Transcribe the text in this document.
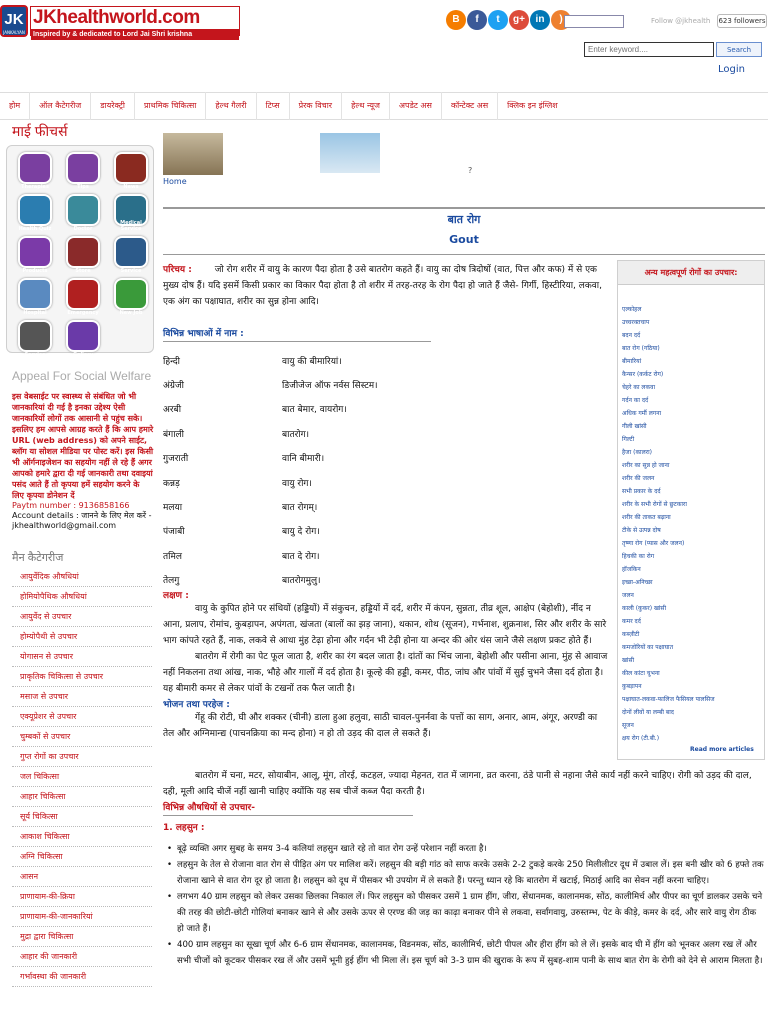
JK
JANKALYAN
JKhealthworld.com
Inspired by & dedicated to Lord Jai Shri krishna
B	f	t	g+	in	)	Follow @jkhealth 623 followers
Enter keyword....
Search
Login
होम	ऑल कैटेगरीज	डायरेक्ट्री	प्राथमिक चिकित्सा	हेल्थ गैलरी	टिप्स	प्रेरक विचार	हेल्थ न्यूज	अपडेट अस	कॉन्टेक्ट अस	क्लिक इन इंग्लिश
माई फीचर्स
Therapies	Tips	News
Health Quiz	Doctor
Medical Service
Products	Store	Service
Hospital	Emergency	New Job
Service	Gallery
Appeal For Social Welfare
इस वेबसाईट पर स्वास्थ्य से संबंधित जो भी जानकारियां दी गई है इनका उद्देश्य ऐसी जानकारियों लोगों तक आसानी से पहुंच सके। इसलिए हम आपसे आग्रह करते हैं कि आप हमारे URL (web address) को अपने साईट, ब्लॉग या सोशल मीडिया पर पोस्ट करें। इस किसी भी ऑर्गनाइजेशन का सहयोग नहीं ले रहे हैं अगर आपको हमारे द्वारा दी गई जानकारी तथा दवाइयां पसंद आते हैं तो कृपया हमें सहयोग करने के लिए कृपया डोनेशन दें
Paytm number : 9136858166
Account details : जानने के लिए मेल करें - jkhealthworld@gmail.com
मैन कैटेगरीज
आयुर्वेदिक औषधियां
होमियोपैथिक औषधियां
आयुर्वेद से उपचार
होम्योपैथी से उपचार
योगासन से उपचार
प्राकृतिक चिकित्सा से उपचार
मसाज से उपचार
एक्यूप्रेशर से उपचार
चुम्बकों से उपचार
गुप्त रोगों का उपचार
जल चिकित्सा
आहार चिकित्सा
सूर्य चिकित्सा
आकाश चिकित्सा
अग्नि चिकित्सा
आसन
प्राणायाम-की-क्रिया
प्राणायाम-की-जानकारियां
मुद्रा द्वारा चिकित्सा
आहार की जानकारी
गर्भावस्था की जानकारी
?
Home
बात रोग
Gout
परिचय :	जो रोग शरीर में वायु के कारण पैदा होता है उसे बातरोग कहते हैं। वायु का दोष त्रिदोषों (वात, पित्त और कफ) में से एक मुख्य दोष हैं। यदि इसमें किसी प्रकार का विकार पैदा होता है तो शरीर में तरह-तरह के रोग पैदा हो जाते हैं जैसे- गिर्गी, हिस्टीरिया, लकवा, एक अंग का पक्षाघात, शरीर का सुन्न होना आदि।
विभिन्न भाषाओं में नाम :
हिन्दी	वायु की बीमारियां।
अंग्रेजी	डिजीजेज ऑफ नर्वस सिस्टम।
अरबी	बात बेमार, वायरोग।
बंगाली	बातरोग।
गुजराती	वानि बीमारी।
कन्नड़	वायु रोग।
मलया	बात रोगम्।
पंजाबी	बायु दे रोग।
तमिल	बात दे रोग।
तेलगु	बातरोगमुलु।
अन्य महत्वपूर्ण रोगों का उपचार:
एल्कोहल
उच्चरक्तचाप
बदन दर्द
बात रोग (गठिया)
बीमारियां
कैन्सर (कर्कट रोग)
चेहरे का लकवा
गर्दन का दर्द
अधिक गर्मी लगना
गीली खांसी
गिल्टी
हैजा (कालरा)
शरीर का सुन्न हो जाना
शरीर की जलन
सभी प्रकार के दर्द
शरीर के सभी रोगों से छुटकारा
शरीर की ताकत बढ़ाना
टीके से उत्पन्न दोष
तृष्णा रोग (प्यास और जलन)
हिचकी का रोग
हॉजकिन
इच्छा-अनिच्छा
जलन
काली (कुकर) खांसी
कमर दर्द
कब्ज़ीटी
कमजोरियों का पक्षाघात
खांसी
कील कांटा चुभना
कुबड़ापन
पक्षाघात-लकवा-फालिज फैसियल पालसिज
दोनों लीवों या लम्बी बाद
सूजन
क्षय रोग (टी.बी.)
Read more articles
लक्षण :
वायु के कुपित होने पर संधियों (हड्डियों) में संकुचन, हड्डियों में दर्द, शरीर में कंपन, सुन्नता, तीव्र शूल, आक्षेप (बेहोशी), नींद न आना, प्रलाप, रोमांच, कुबड़ापन, अपंगता, खंजता (बालों का झड़ जाना), थकान, शोथ (सूजन), गर्भनाश, शुक्रनाश, सिर और शरीर के सारे भाग कांपते रहते हैं, नाक, लकवे से आधा मुंह टेढ़ा होना और गर्दन भी टेढ़ी होना या अन्दर की ओर धंस जाने जैसे लक्षण प्रकट होते हैं।
बातरोग में रोगी का पेट फूल जाता है, शरीर का रंग बदल जाता है। दांतों का भिंच जाना, बेहोशी और पसीना आना, मुंह से आवाज नहीं निकलना तथा आंख, नाक, भौहे और गालों में दर्द होता है। कूल्हे की हड्डी, कमर, पीठ, जांघ और पांवों में सुई चुभने जैसा दर्द होता है। यह बीमारी कमर से लेकर पांवों के टखनों तक फैल जाती है।
भोजन तथा परहेज :
गेंहू की रोटी, घी और शक्कर (चीनी) डाला हुआ हलुवा, साठी चावल-पुनर्नवा के पत्तों का साग, अनार, आम, अंगूर, अरण्डी का तेल और अग्निमान्द्य (पाचनक्रिया का मन्द होना) न हो तो उड़द की दाल ले सकते हैं।
बातरोग में चना, मटर, सोयाबीन, आलू, मूंग, तोरई, कटहल, ज्यादा मेहनत, रात में जागना, व्रत करना, ठंडे पानी से नहाना जैसे कार्य नहीं करने चाहिए। रोगी को उड़द की दाल, दही, मूली आदि चीजें नहीं खानी चाहिए क्योंकि यह सब चीजें कब्ज पैदा करती है।
विभिन्न औषधियों से उपचार-
1. लहसुन :
• बूढ़े व्यक्ति अगर सुबह के समय 3-4 कलियां लहसुन खाते रहे तो वात रोग उन्हें परेशान नहीं करता है।
• लहसुन के तेल से रोजाना वात रोग से पीड़ित अंग पर मालिश करें। लहसुन की बड़ी गांठ को साफ करके उसके 2-2 टुकड़े करके 250 मिलीलीटर दूध में उबाल लें। इस बनी खीर को 6 हफ्ते तक रोजाना खाने से वात रोग दूर हो जाता है। लहसुन को दूध में पीसकर भी उपयोग में ले सकते हैं। परन्तु ध्यान रहे कि बातरोग में खटाई, मिठाई आदि का सेवन नहीं करना चाहिए।
• लगभग 40 ग्राम लहसुन को लेकर उसका छिलका निकाल लें। फिर लहसुन को पीसकर उसमें 1 ग्राम हींग, जीरा, सेंधानमक, कालानमक, सोंठ, कालीमिर्च और पीपर का चूर्ण डालकर उसके चने की तरह की छोटी-छोटी गोलियां बनाकर खाने से और उसके ऊपर से एरण्ड की जड़ का काढ़ा बनाकर पीने से लकवा, सर्वांगवायु, उरुस्तम्भ, पेट के कीड़े, कमर के दर्द, और सारे वायु रोग ठीक हो जाते हैं।
• 400 ग्राम लहसुन का सूखा चूर्ण और 6-6 ग्राम सेंधानमक, कालानमक, विडनमक, सोंठ, कालीमिर्च, छोटी पीपल और हीरा हींग को ले लें। इसके बाद घी में हींग को भूनकर अलग रख लें और सभी चीजों को कूटकर पीसकर रख लें और उसमें भूनी हुई हींग भी मिला लें। इस चूर्ण को 3-3 ग्राम की खुराक के रूप में सुबह-शाम पानी के साथ बात रोग के रोगी को देने से आराम मिलता है।
